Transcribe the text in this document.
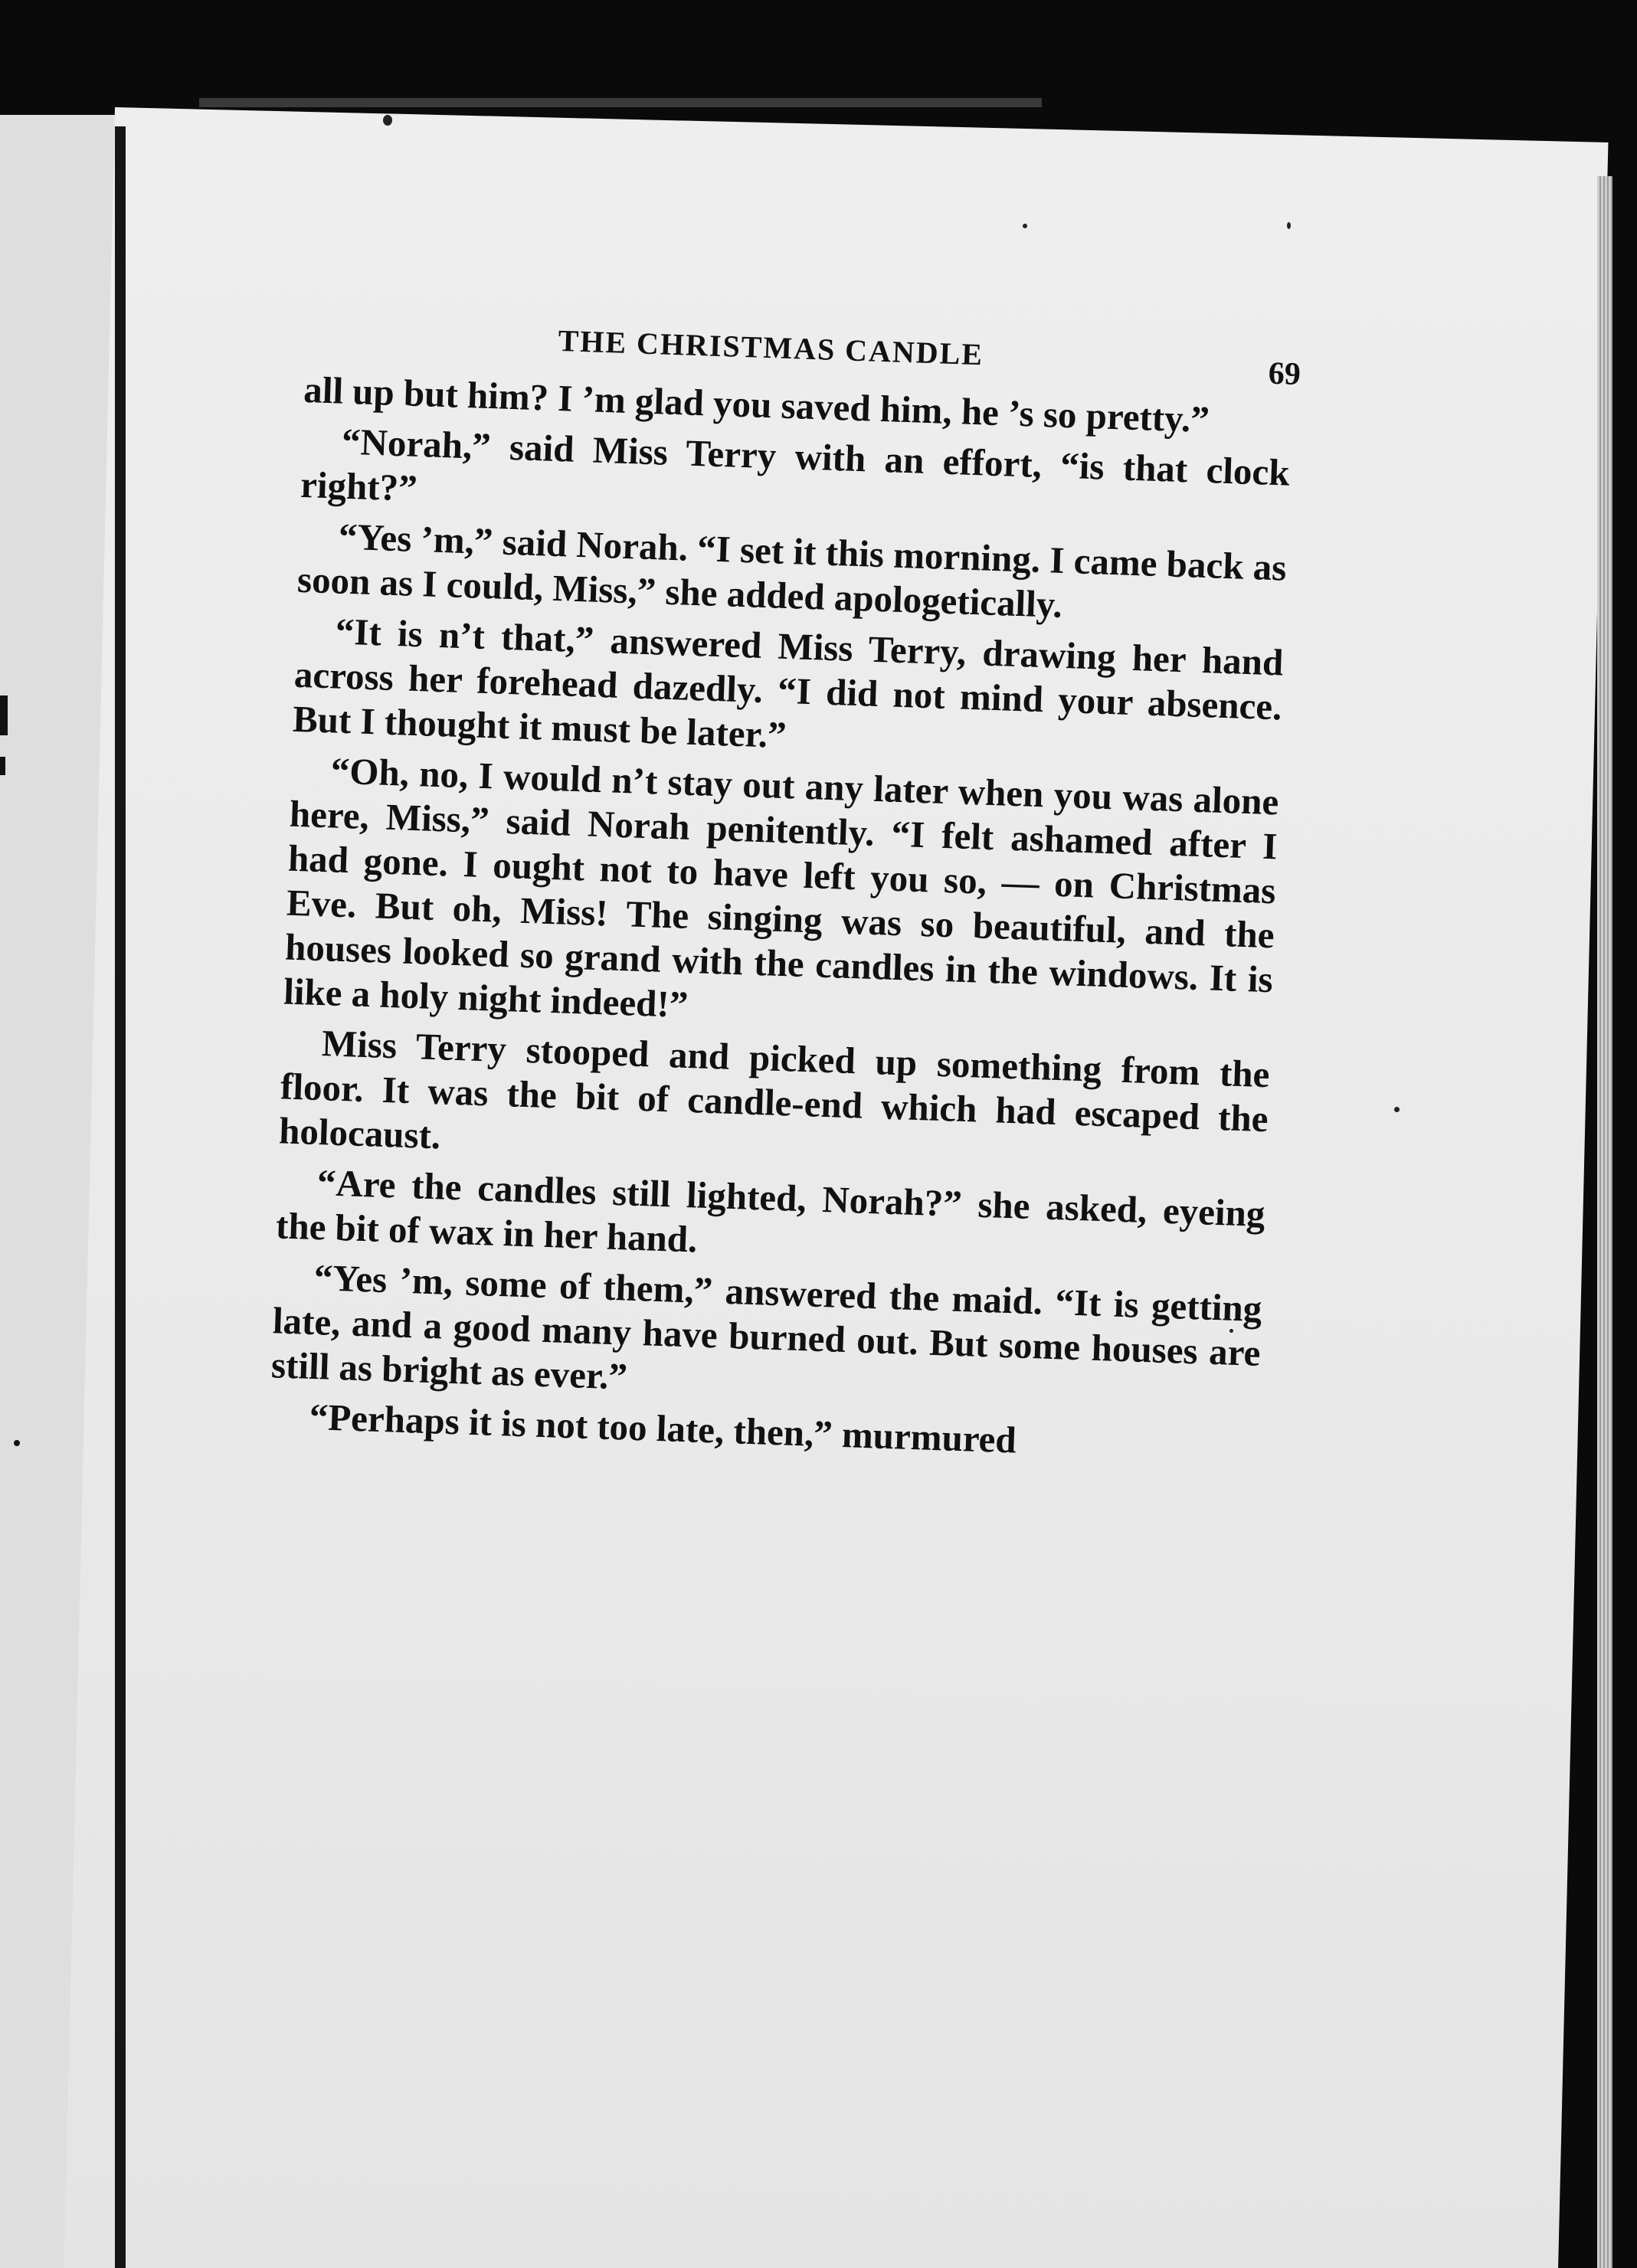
THE CHRISTMAS CANDLE
69

all up but him? I ’m glad you saved him, he ’s so pretty.”

“Norah,” said Miss Terry with an effort, “is that clock right?”

“Yes ’m,” said Norah. “I set it this morning. I came back as soon as I could, Miss,” she added apologetically.

“It is n’t that,” answered Miss Terry, drawing her hand across her forehead dazedly. “I did not mind your absence. But I thought it must be later.”

“Oh, no, I would n’t stay out any later when you was alone here, Miss,” said Norah penitently. “I felt ashamed after I had gone. I ought not to have left you so, — on Christmas Eve. But oh, Miss! The singing was so beautiful, and the houses looked so grand with the candles in the windows. It is like a holy night indeed!”

Miss Terry stooped and picked up something from the floor. It was the bit of candle-end which had escaped the holocaust.

“Are the candles still lighted, Norah?” she asked, eyeing the bit of wax in her hand.

“Yes ’m, some of them,” answered the maid. “It is getting late, and a good many have burned out. But some houses are still as bright as ever.”

“Perhaps it is not too late, then,” murmured
